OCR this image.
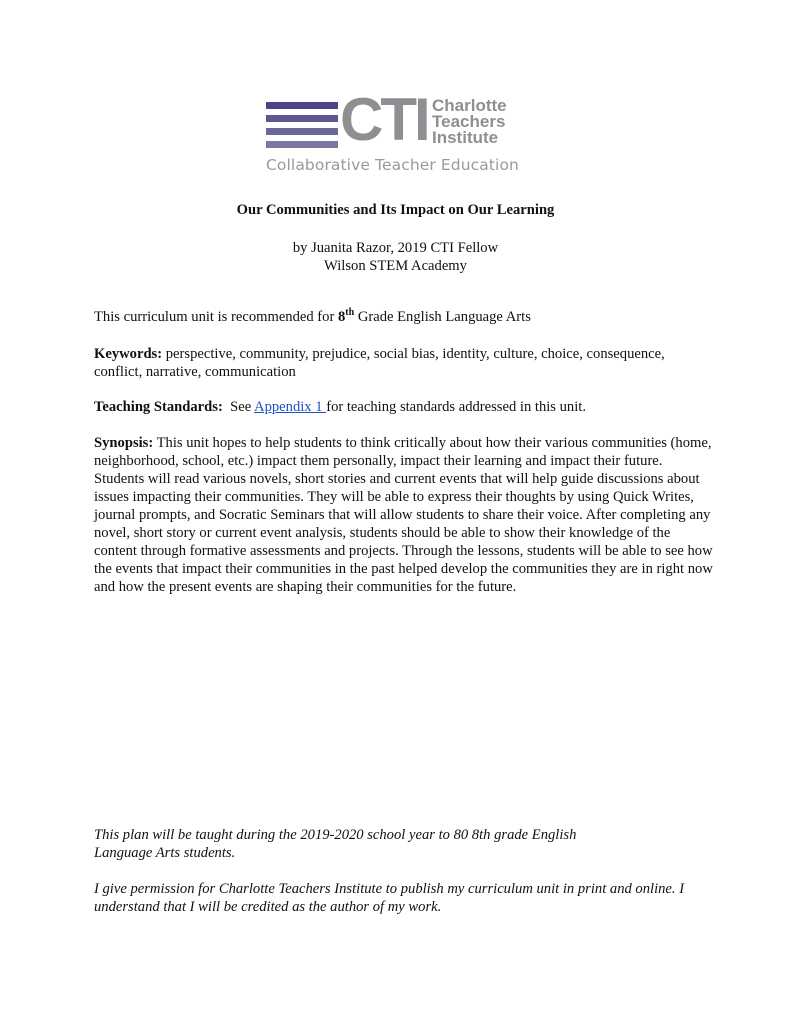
CTI Charlotte
Teachers
Institute
Collaborative Teacher Education
Our Communities and Its Impact on Our Learning
by Juanita Razor, 2019 CTI Fellow
Wilson STEM Academy

This curriculum unit is recommended for 8th Grade English Language Arts

Keywords: perspective, community, prejudice, social bias, identity, culture, choice, consequence, conflict, narrative, communication

Teaching Standards:  See Appendix 1 for teaching standards addressed in this unit.

Synopsis: This unit hopes to help students to think critically about how their various communities (home, neighborhood, school, etc.) impact them personally, impact their learning and impact their future. Students will read various novels, short stories and current events that will help guide discussions about issues impacting their communities. They will be able to express their thoughts by using Quick Writes, journal prompts, and Socratic Seminars that will allow students to share their voice. After completing any novel, short story or current event analysis, students should be able to show their knowledge of the content through formative assessments and projects. Through the lessons, students will be able to see how the events that impact their communities in the past helped develop the communities they are in right now and how the present events are shaping their communities for the future.

This plan will be taught during the 2019-2020 school year to 80 8th grade English Language Arts students.

I give permission for Charlotte Teachers Institute to publish my curriculum unit in print and online. I understand that I will be credited as the author of my work.
